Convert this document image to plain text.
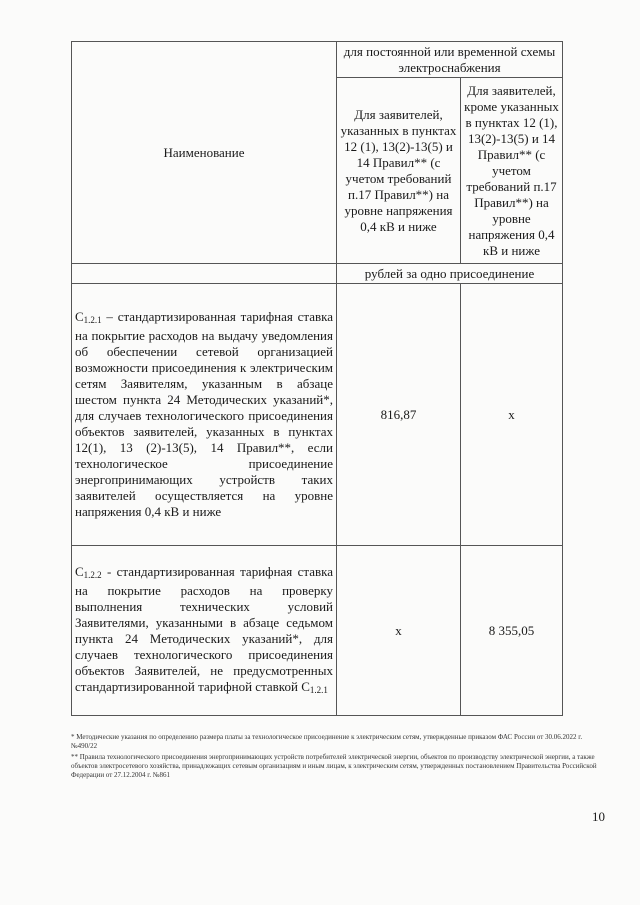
Наименование	для постоянной или временной схемы электроснабжения	
	Для заявителей, указанных в пунктах 12 (1), 13(2)-13(5) и 14 Правил** (с учетом требований п.17 Правил**) на уровне напряжения 0,4 кВ и ниже	Для заявителей, кроме указанных в пунктах 12 (1), 13(2)-13(5) и 14 Правил** (с учетом требований п.17 Правил**) на уровне напряжения 0,4 кВ и ниже
	рублей за одно присоединение	
$С_{1.2.1}$ – стандартизированная тарифная ставка на покрытие расходов на выдачу уведомления об обеспечении сетевой организацией возможности присоединения к электрическим сетям Заявителям, указанным в абзаце шестом пункта 24 Методических указаний*, для случаев технологического присоединения объектов заявителей, указанных в пунктах 12(1), 13 (2)-13(5), 14 Правил**, если технологическое присоединение энергопринимающих устройств таких заявителей осуществляется на уровне напряжения 0,4 кВ и ниже	816,87	x
$С_{1.2.2}$ - стандартизированная тарифная ставка на покрытие расходов на проверку выполнения технических условий Заявителями, указанными в абзаце седьмом пункта 24 Методических указаний*, для случаев технологического присоединения объектов Заявителей, не предусмотренных стандартизированной тарифной ставкой $С_{1.2.1}$	x	8 355,05

* Методические указания по определению размера платы за технологическое присоединение к электрическим сетям, утвержденные приказом ФАС России от 30.06.2022 г. №490/22

** Правила технологического присоединения энергопринимающих устройств потребителей электрической энергии, объектов по производству электрической энергии, а также объектов электросетевого хозяйства, принадлежащих сетевым организациям и иным лицам, к электрическим сетям, утвержденных постановлением Правительства Российской Федерации от 27.12.2004 г. №861

10
